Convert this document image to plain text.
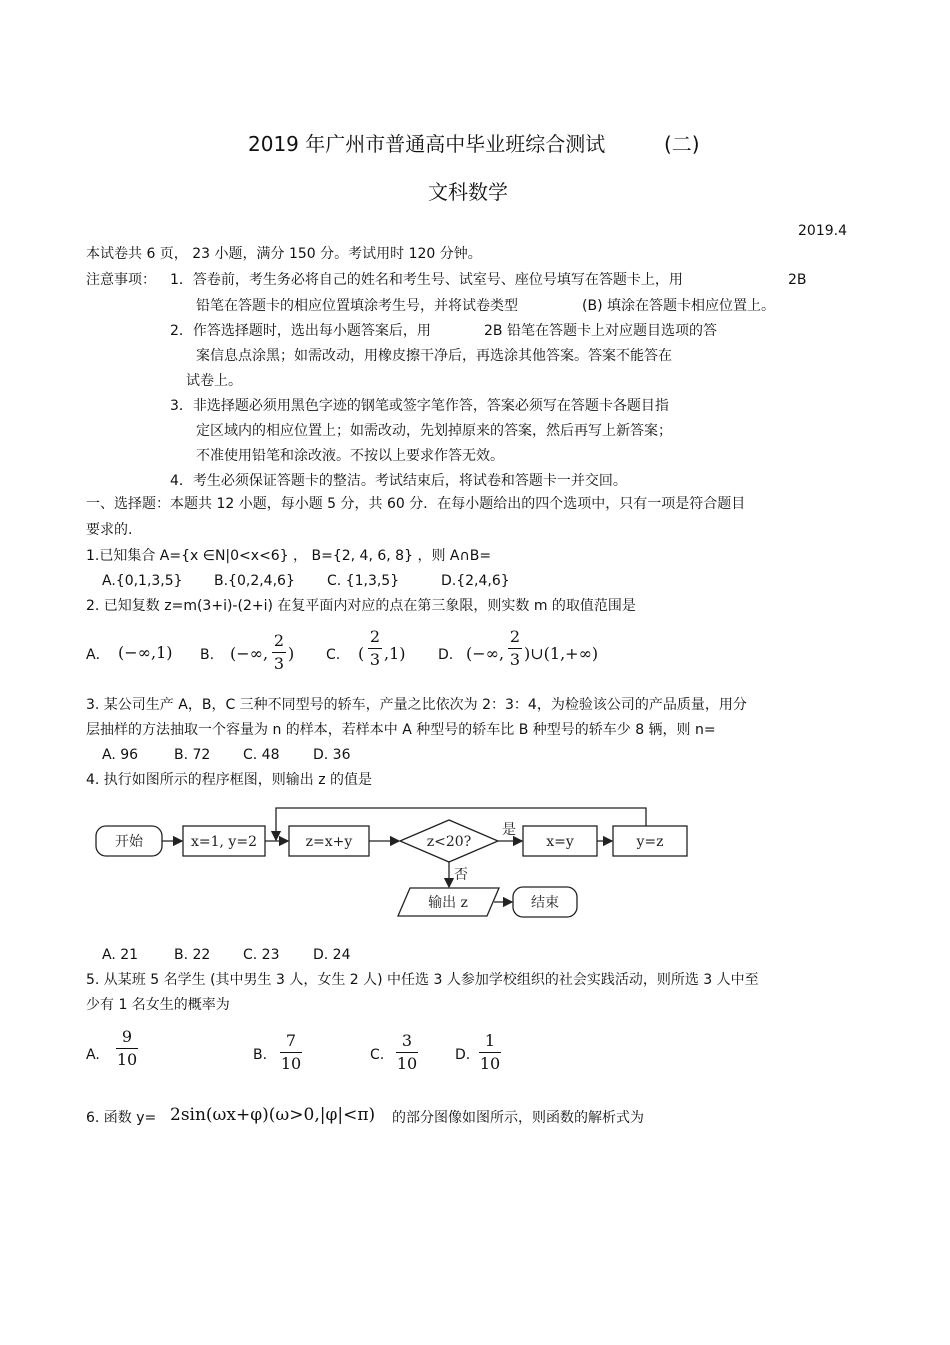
2019 年广州市普通高中毕业班综合测试	(二)
文科数学
2019.4
本试卷共 6 页， 23 小题，满分 150 分。考试用时 120 分钟。
注意事项： 1．答卷前，考生务必将自己的姓名和考生号、试室号、座位号填写在答题卡上，用	2B
铅笔在答题卡的相应位置填涂考生号，并将试卷类型	(B) 填涂在答题卡相应位置上。
2．作答选择题时，选出每小题答案后，用	2B 铅笔在答题卡上对应题目选项的答
案信息点涂黑；如需改动，用橡皮擦干净后，再选涂其他答案。答案不能答在
试卷上。
3．非选择题必须用黑色字迹的钢笔或签字笔作答，答案必须写在答题卡各题目指
定区域内的相应位置上；如需改动，先划掉原来的答案，然后再写上新答案；
不准使用铅笔和涂改液。不按以上要求作答无效。
4．考生必须保证答题卡的整洁。考试结束后，将试卷和答题卡一并交回。
一、选择题：本题共 12 小题，每小题 5 分，共 60 分．在每小题给出的四个选项中，只有一项是符合题目
要求的.
1.已知集合 A={x ∈N|0<x<6} ， B={2, 4, 6, 8} ，则 A∩B=
A.{0,1,3,5} B.{0,2,4,6} C. {1,3,5}	D.{2,4,6}
2. 已知复数 z=m(3+i)-(2+i) 在复平面内对应的点在第三象限，则实数 m 的取值范围是
A． (−∞,1) B. (−∞,
2
3
) C. (
2
3 ,1) D. (−∞,
2
3 )∪(1,+∞)
3. 某公司生产 A，B，C 三种不同型号的轿车，产量之比依次为 2：3：4，为检验该公司的产品质量，用分
层抽样的方法抽取一个容量为 n 的样本，若样本中 A 种型号的轿车比 B 种型号的轿车少 8 辆，则 n=
A. 96	B. 72 C. 48 D. 36
4. 执行如图所示的程序框图，则输出 z 的值是
开始	x=1, y=2	z=x+y	z<20?
是
x=y	y=z
否
输出 z	结束
A. 21	B. 22 C. 23 D. 24
5. 从某班 5 名学生 (其中男生 3 人，女生 2 人) 中任选 3 人参加学校组织的社会实践活动，则所选 3 人中至
少有 1 名女生的概率为
A.
9
10	B.
7
10	C.
3
10	D.
1
10
6. 函数 y= 2sin(ωx+φ)(ω>0,|φ|<π) 的部分图像如图所示，则函数的解析式为
